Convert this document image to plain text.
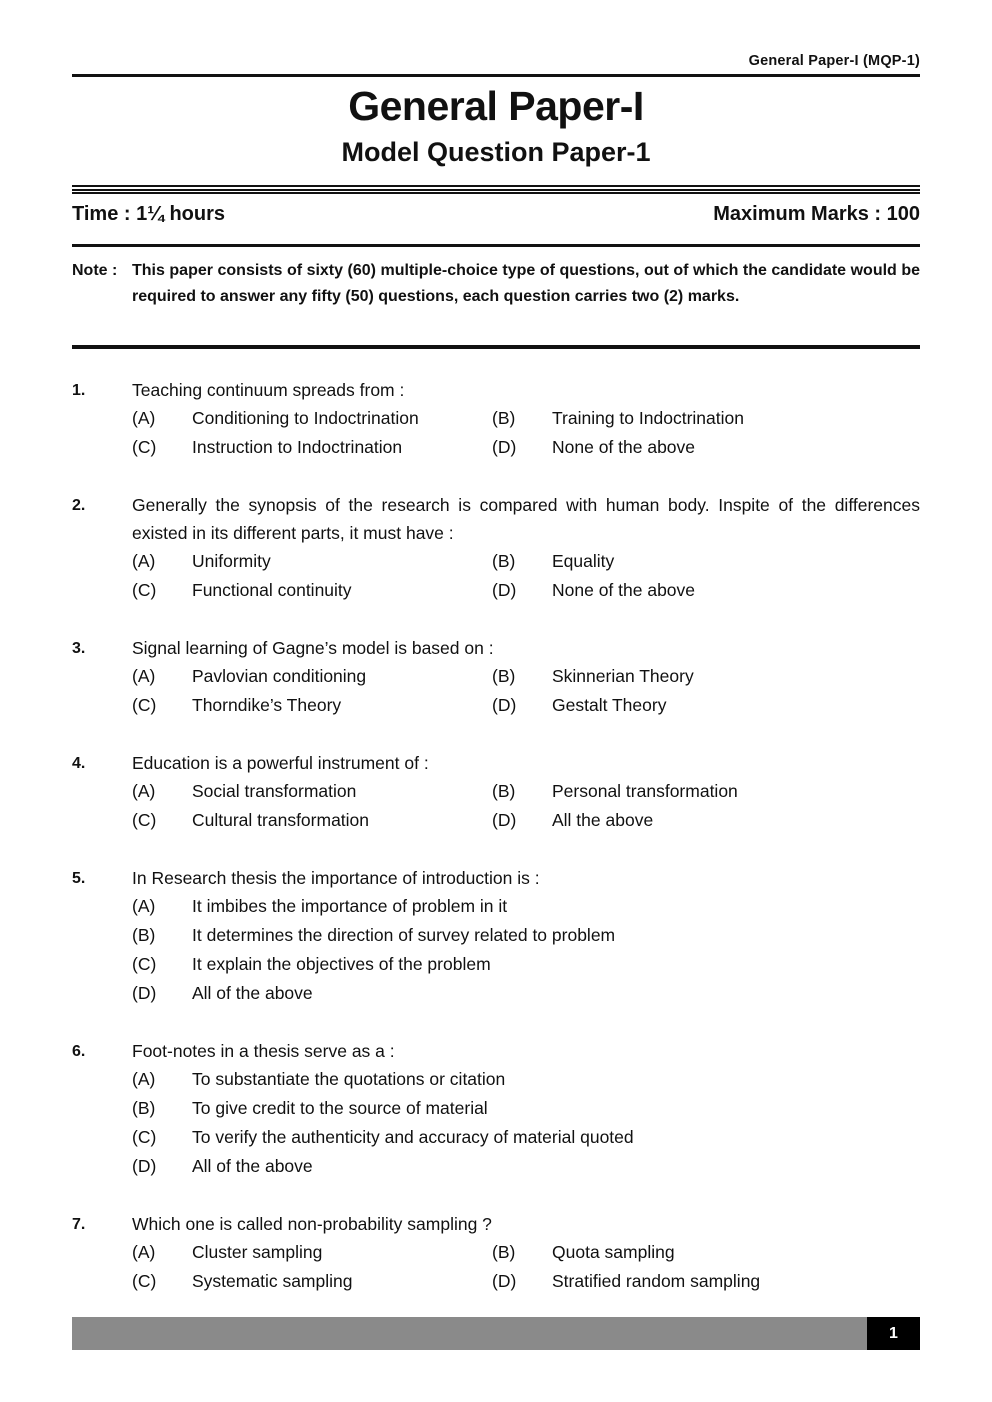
General Paper-I (MQP-1)
General Paper-I
Model Question Paper-1
Time : 1¼ hours	Maximum Marks : 100
Note : This paper consists of sixty (60) multiple-choice type of questions, out of which the candidate would be required to answer any fifty (50) questions, each question carries two (2) marks.
1.	Teaching continuum spreads from :
(A)	Conditioning to Indoctrination	(B)	Training to Indoctrination
(C)	Instruction to Indoctrination	(D)	None of the above
2.	Generally the synopsis of the research is compared with human body. Inspite of the differences existed in its different parts, it must have :
(A)	Uniformity	(B)	Equality
(C)	Functional continuity	(D)	None of the above
3.	Signal learning of Gagne’s model is based on :
(A)	Pavlovian conditioning	(B)	Skinnerian Theory
(C)	Thorndike’s Theory	(D)	Gestalt Theory
4.	Education is a powerful instrument of :
(A)	Social transformation	(B)	Personal transformation
(C)	Cultural transformation	(D)	All the above
5.	In Research thesis the importance of introduction is :
(A)	It imbibes the importance of problem in it
(B)	It determines the direction of survey related to problem
(C)	It explain the objectives of the problem
(D)	All of the above
6.	Foot-notes in a thesis serve as a :
(A)	To substantiate the quotations or citation
(B)	To give credit to the source of material
(C)	To verify the authenticity and accuracy of material quoted
(D)	All of the above
7.	Which one is called non-probability sampling ?
(A)	Cluster sampling	(B)	Quota sampling
(C)	Systematic sampling	(D)	Stratified random sampling
1
